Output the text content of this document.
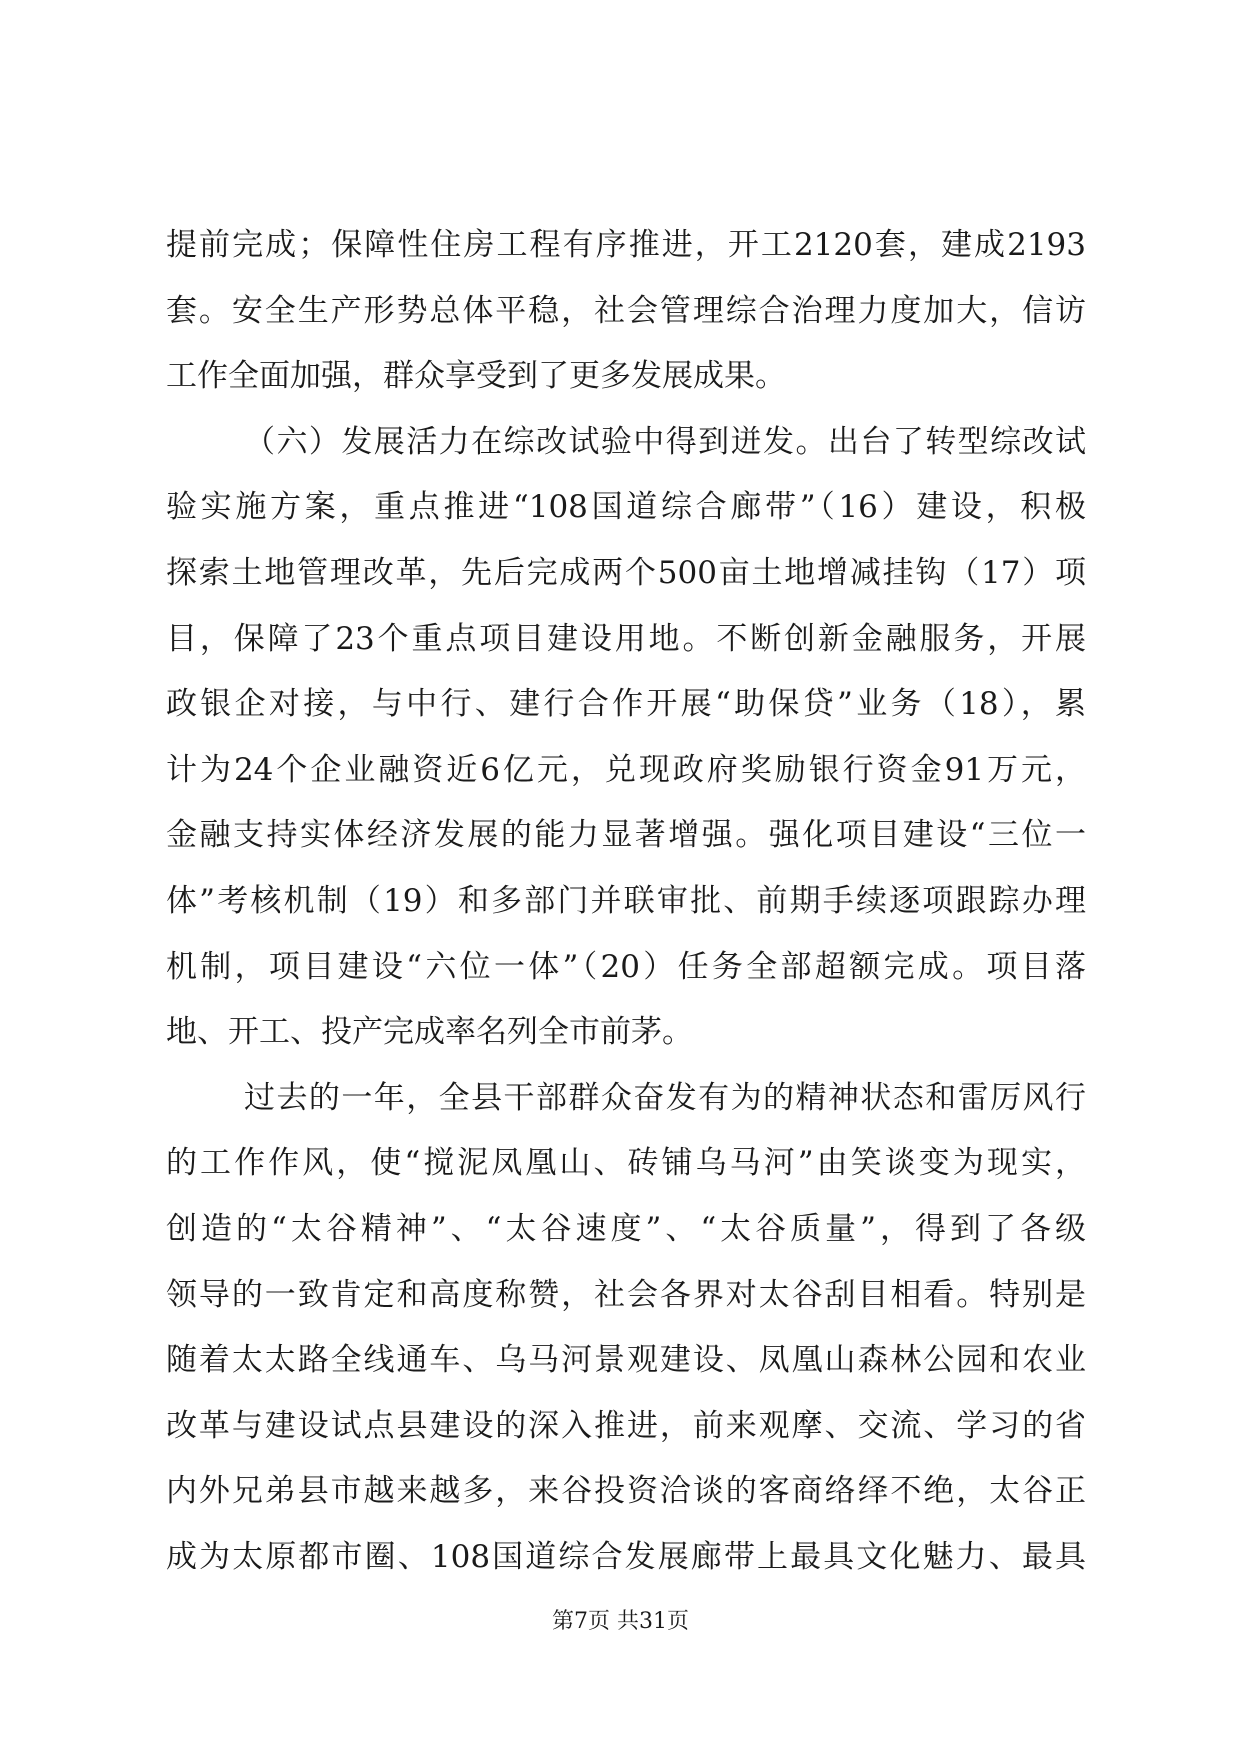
提前完成；保障性住房工程有序推进，开工2120套，建成2193
套。安全生产形势总体平稳，社会管理综合治理力度加大，信访
工作全面加强，群众享受到了更多发展成果。
（六）发展活力在综改试验中得到迸发。出台了转型综改试
验实施方案，重点推进“108国道综合廊带”（16）建设，积极
探索土地管理改革，先后完成两个500亩土地增减挂钩（17）项
目，保障了23个重点项目建设用地。不断创新金融服务，开展
政银企对接，与中行、建行合作开展“助保贷”业务（18），累
计为24个企业融资近6亿元，兑现政府奖励银行资金91万元，
金融支持实体经济发展的能力显著增强。强化项目建设“三位一
体”考核机制（19）和多部门并联审批、前期手续逐项跟踪办理
机制，项目建设“六位一体”（20）任务全部超额完成。项目落
地、开工、投产完成率名列全市前茅。
过去的一年，全县干部群众奋发有为的精神状态和雷厉风行
的工作作风，使“搅泥凤凰山、砖铺乌马河”由笑谈变为现实，
创造的“太谷精神”、“太谷速度”、“太谷质量”，得到了各级
领导的一致肯定和高度称赞，社会各界对太谷刮目相看。特别是
随着太太路全线通车、乌马河景观建设、凤凰山森林公园和农业
改革与建设试点县建设的深入推进，前来观摩、交流、学习的省
内外兄弟县市越来越多，来谷投资洽谈的客商络绎不绝，太谷正
成为太原都市圈、108国道综合发展廊带上最具文化魅力、最具
第7页 共31页
